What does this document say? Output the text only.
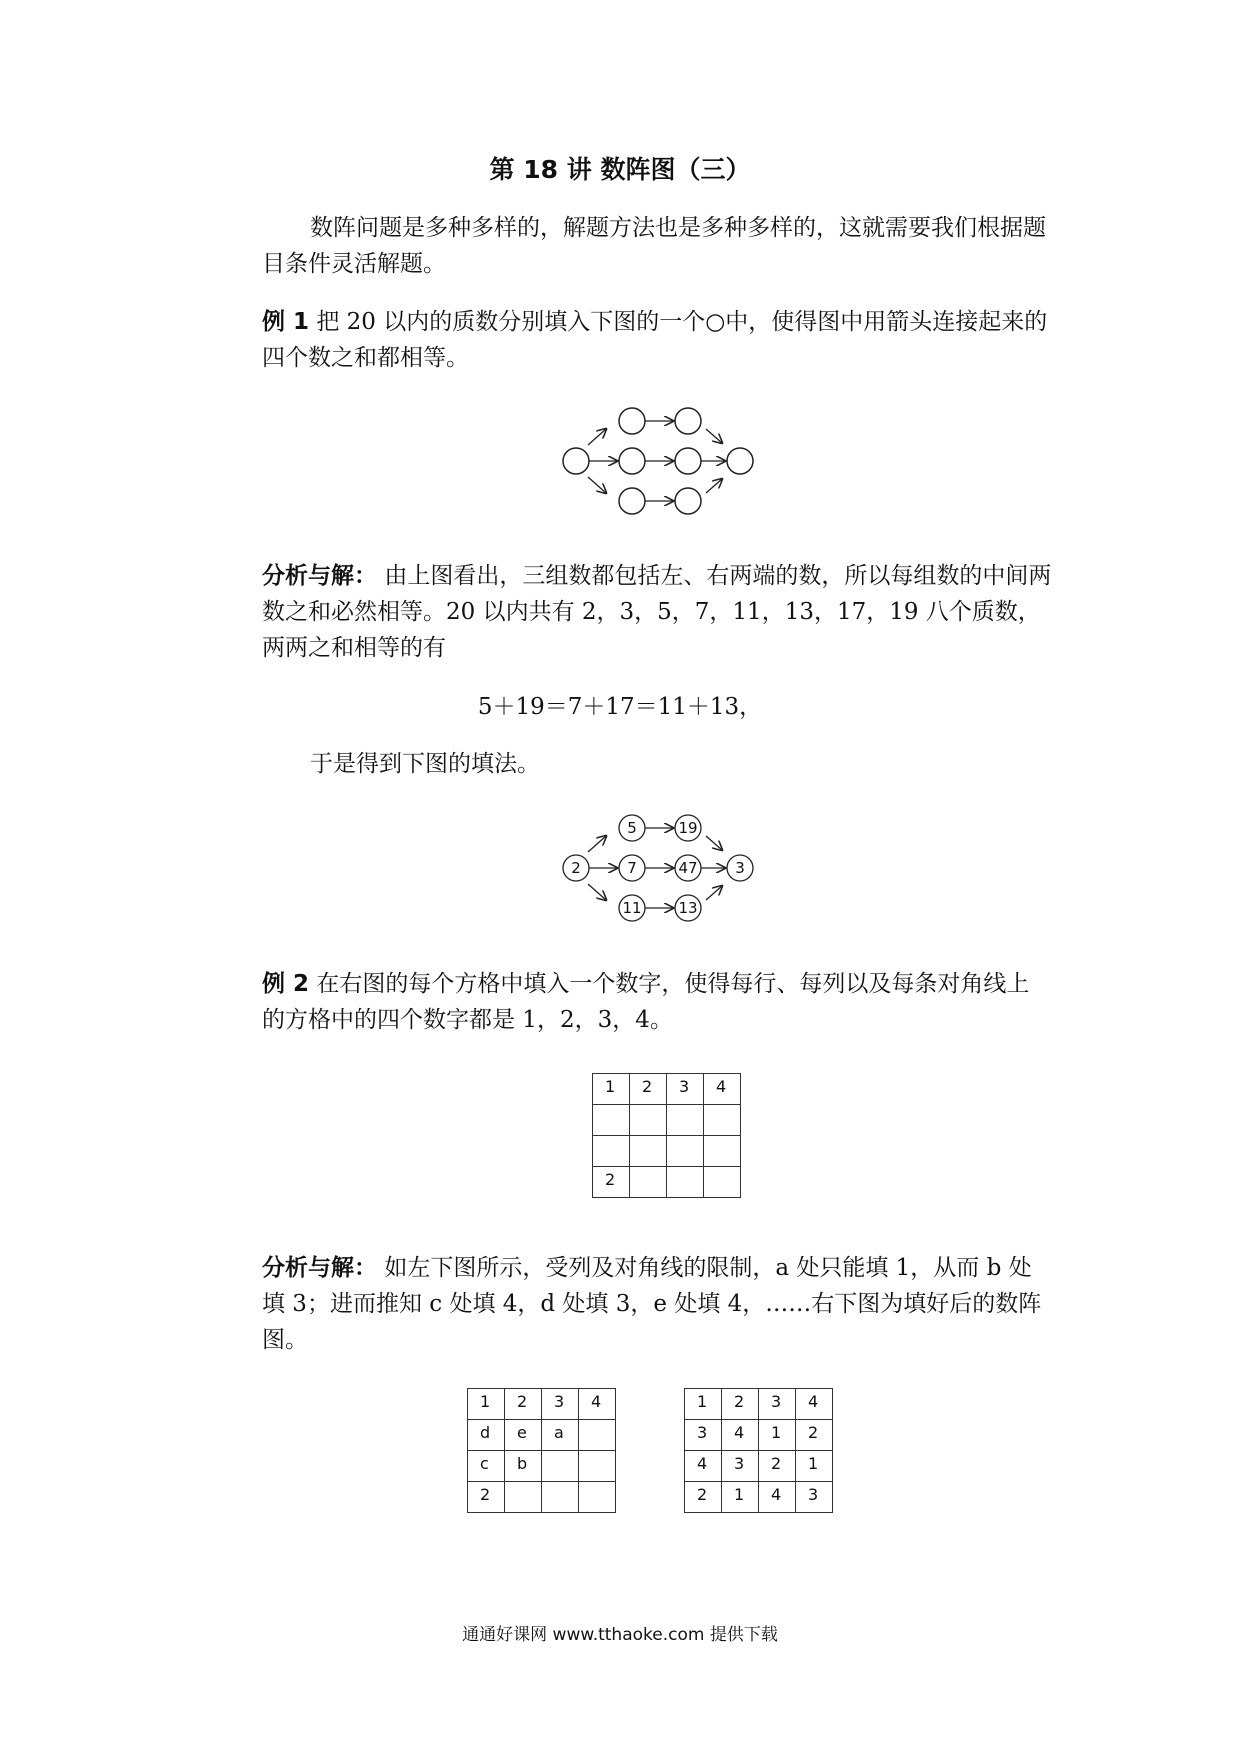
第 18 讲 数阵图（三）

数阵问题是多种多样的，解题方法也是多种多样的，这就需要我们根据题目条件灵活解题。

例 1 把 20 以内的质数分别填入下图的一个○中，使得图中用箭头连接起来的四个数之和都相等。

分析与解： 由上图看出，三组数都包括左、右两端的数，所以每组数的中间两数之和必然相等。20 以内共有 2，3，5，7，11，13，17，19 八个质数，两两之和相等的有

5＋19＝7＋17＝11＋13，

于是得到下图的填法。

2
5	19
7	47	3
11 13

例 2 在右图的每个方格中填入一个数字，使得每行、每列以及每条对角线上的方格中的四个数字都是 1，2，3，4。

1	2	3	4

2			

分析与解： 如左下图所示，受列及对角线的限制，a 处只能填 1，从而 b 处填 3；进而推知 c 处填 4，d 处填 3，e 处填 4，……右下图为填好后的数阵图。

1	2	3	4
d	e	a	
c	b		
2			
1	2	3	4
3	4	1	2
4	3	2	1
2	1	4	3
通通好课网 www.tthaoke.com 提供下载
